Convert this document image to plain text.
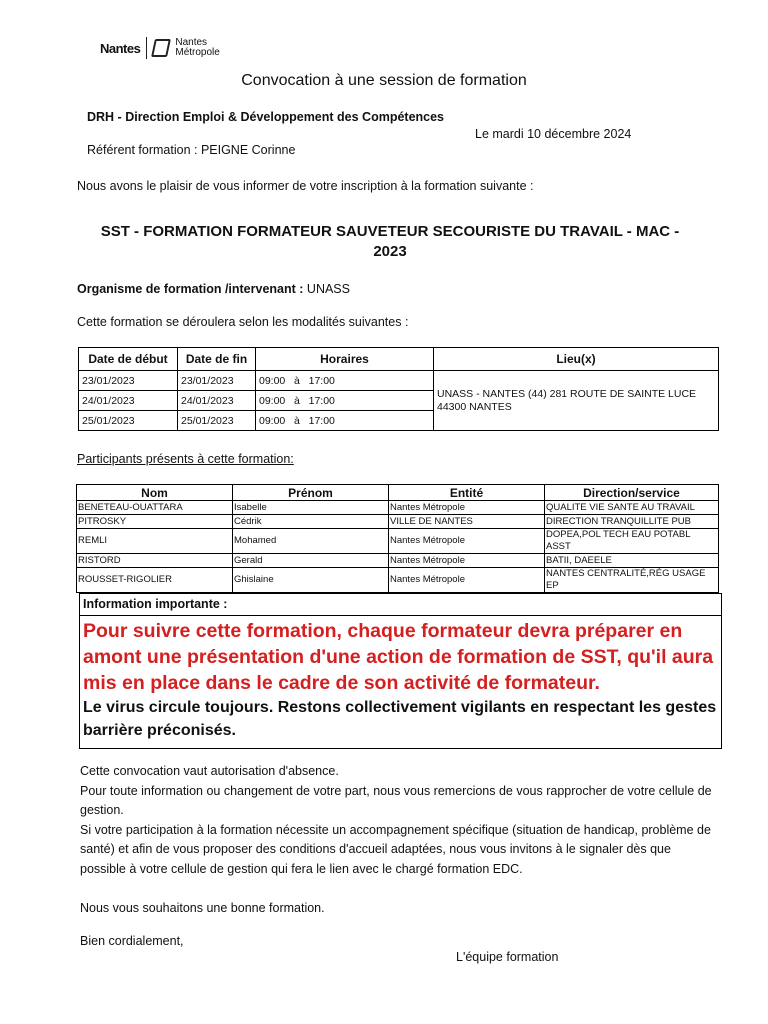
Nantes	Nantes
Métropole
Convocation à une session de formation
DRH - Direction Emploi & Développement des Compétences
Le mardi 10 décembre 2024
Référent formation : PEIGNE Corinne
Nous avons le plaisir de vous informer de votre inscription à la formation suivante :
SST - FORMATION FORMATEUR SAUVETEUR SECOURISTE DU TRAVAIL - MAC - 2023
Organisme de formation /intervenant : UNASS
Cette formation se déroulera selon les modalités suivantes :
Date de début	Date de fin	Horaires	Lieu(x)
23/01/2023	23/01/2023	09:00   à   17:00	UNASS - NANTES (44) 281 ROUTE DE SAINTE LUCE
44300 NANTES
24/01/2023	24/01/2023	09:00   à   17:00	
25/01/2023	25/01/2023	09:00   à   17:00	
Participants présents à cette formation:
Nom	Prénom	Entité	Direction/service
BENETEAU-OUATTARA	Isabelle	Nantes Métropole	QUALITE VIE SANTE AU TRAVAIL
PITROSKY	Cédrik	VILLE DE NANTES	DIRECTION TRANQUILLITE PUB
REMLI	Mohamed	Nantes Métropole	DOPEA,POL TECH EAU POTABL ASST
RISTORD	Gerald	Nantes Métropole	BATII, DAEELE
ROUSSET-RIGOLIER	Ghislaine	Nantes Métropole	NANTES CENTRALITÉ,RÉG USAGE EP
Information importante :
Pour suivre cette formation, chaque formateur devra préparer en amont une présentation d'une action de formation de SST, qu'il aura mis en place dans le cadre de son activité de formateur.
Le virus circule toujours. Restons collectivement vigilants en respectant les gestes barrière préconisés.
Cette convocation vaut autorisation d'absence.
Pour toute information ou changement de votre part, nous vous remercions de vous rapprocher de votre cellule de gestion.
Si votre participation à la formation nécessite un accompagnement spécifique (situation de handicap, problème de santé) et afin de vous proposer des conditions d'accueil adaptées, nous vous invitons à le signaler dès que possible à votre cellule de gestion qui fera le lien avec le chargé formation EDC.
Nous vous souhaitons une bonne formation.
Bien cordialement,
L'équipe formation
